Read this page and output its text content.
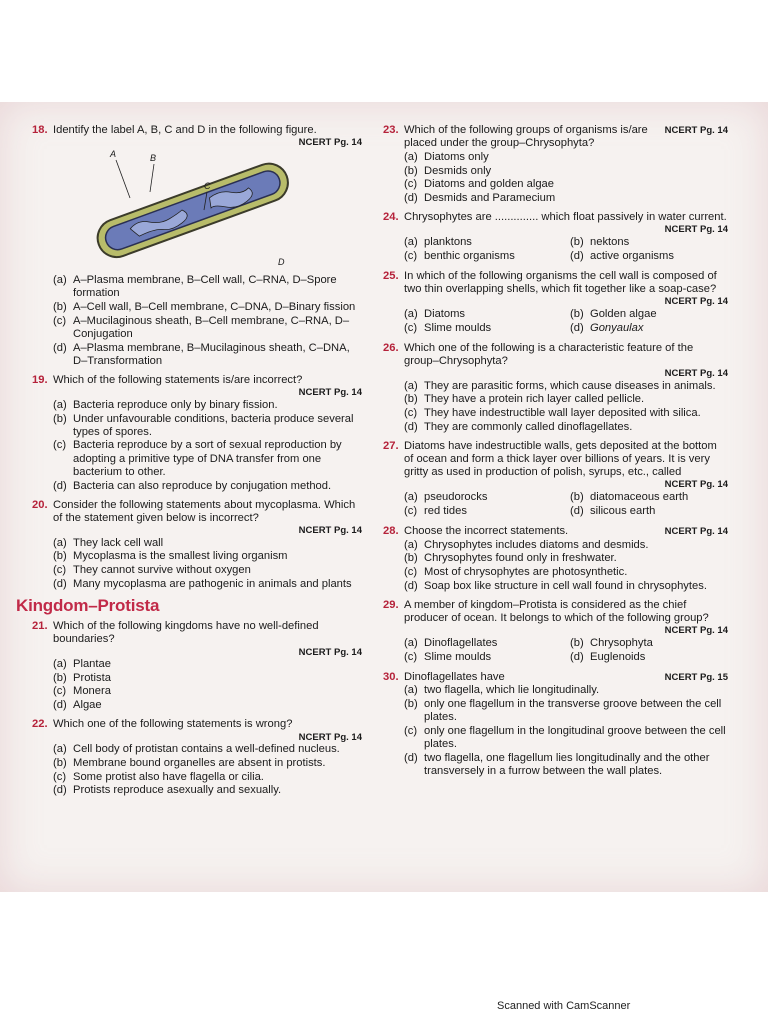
18. Identify the label A, B, C and D in the following figure.
NCERT Pg. 14
A	B
C
D
(a) A–Plasma membrane, B–Cell wall, C–RNA, D–Spore formation
(b) A–Cell wall, B–Cell membrane, C–DNA, D–Binary fission
(c) A–Mucilaginous sheath, B–Cell membrane, C–RNA, D–Conjugation
(d) A–Plasma membrane, B–Mucilaginous sheath, C–DNA, D–Transformation
19. Which of the following statements is/are incorrect?
NCERT Pg. 14
(a) Bacteria reproduce only by binary fission.
(b) Under unfavourable conditions, bacteria produce several types of spores.
(c) Bacteria reproduce by a sort of sexual reproduction by adopting a primitive type of DNA transfer from one bacterium to other.
(d) Bacteria can also reproduce by conjugation method.
20. Consider the following statements about mycoplasma. Which of the statement given below is incorrect?
NCERT Pg. 14
(a) They lack cell wall
(b) Mycoplasma is the smallest living organism
(c) They cannot survive without oxygen
(d) Many mycoplasma are pathogenic in animals and plants
Kingdom–Protista
21. Which of the following kingdoms have no well-defined boundaries?
NCERT Pg. 14
(a) Plantae
(b) Protista
(c) Monera
(d) Algae
22. Which one of the following statements is wrong?
NCERT Pg. 14
(a) Cell body of protistan contains a well-defined nucleus.
(b) Membrane bound organelles are absent in protists.
(c) Some protist also have flagella or cilia.
(d) Protists reproduce asexually and sexually.
23.	NCERT Pg. 14
Which of the following groups of organisms is/are placed under the group–Chrysophyta?
(a) Diatoms only
(b) Desmids only
(c) Diatoms and golden algae
(d) Desmids and Paramecium
24. Chrysophytes are .............. which float passively in water current.
NCERT Pg. 14
(a) planktons	(b) nektons
(c) benthic organisms	(d) active organisms
25. In which of the following organisms the cell wall is composed of two thin overlapping shells, which fit together like a soap-case?
NCERT Pg. 14
(a) Diatoms	(b) Golden algae
(c) Slime moulds	(d) Gonyaulax
26. Which one of the following is a characteristic feature of the group–Chrysophyta?
NCERT Pg. 14
(a) They are parasitic forms, which cause diseases in animals.
(b) They have a protein rich layer called pellicle.
(c) They have indestructible wall layer deposited with silica.
(d) They are commonly called dinoflagellates.
27. Diatoms have indestructible walls, gets deposited at the bottom of ocean and form a thick layer over billions of years. It is very gritty as used in production of polish, syrups, etc., called
NCERT Pg. 14
(a) pseudorocks	(b) diatomaceous earth
(c) red tides	(d) silicous earth
28.	NCERT Pg. 14
Choose the incorrect statements.
(a) Chrysophytes includes diatoms and desmids.
(b) Chrysophytes found only in freshwater.
(c) Most of chrysophytes are photosynthetic.
(d) Soap box like structure in cell wall found in chrysophytes.
29. A member of kingdom–Protista is considered as the chief producer of ocean. It belongs to which of the following group?
NCERT Pg. 14
(a) Dinoflagellates	(b) Chrysophyta
(c) Slime moulds	(d) Euglenoids
30.	NCERT Pg. 15
Dinoflagellates have
(a) two flagella, which lie longitudinally.
(b) only one flagellum in the transverse groove between the cell plates.
(c) only one flagellum in the longitudinal groove between the cell plates.
(d) two flagella, one flagellum lies longitudinally and the other transversely in a furrow between the wall plates.
Scanned with CamScanner
